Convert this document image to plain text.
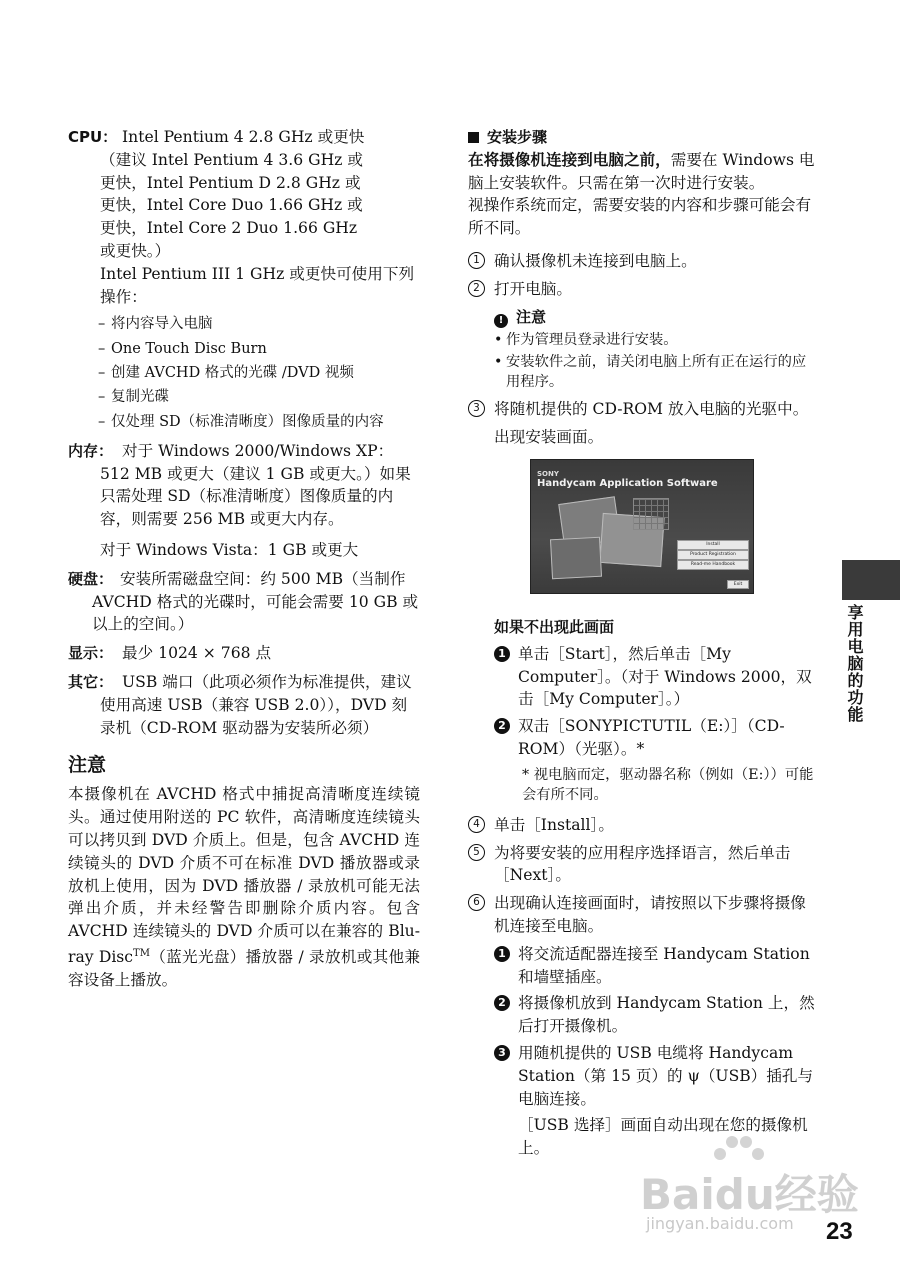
CPU： Intel Pentium 4 2.8 GHz 或更快
（建议 Intel Pentium 4 3.6 GHz 或
更快，Intel Pentium D 2.8 GHz 或
更快，Intel Core Duo 1.66 GHz 或
更快，Intel Core 2 Duo 1.66 GHz
或更快。）
Intel Pentium III 1 GHz 或更快可使用下列操作：
– 将内容导入电脑
– One Touch Disc Burn
– 创建 AVCHD 格式的光碟 /DVD 视频
– 复制光碟
– 仅处理 SD（标准清晰度）图像质量的内容
内存： 对于 Windows 2000/Windows XP：512 MB 或更大（建议 1 GB 或更大。）如果只需处理 SD（标准清晰度）图像质量的内容，则需要 256 MB 或更大内存。
对于 Windows Vista：1 GB 或更大
硬盘： 安装所需磁盘空间：约 500 MB（当制作 AVCHD 格式的光碟时，可能会需要 10 GB 或以上的空间。）
显示： 最少 1024 × 768 点
其它： USB 端口（此项必须作为标准提供，建议使用高速 USB（兼容 USB 2.0）），DVD 刻录机（CD-ROM 驱动器为安装所必须）
注意

本摄像机在 AVCHD 格式中捕捉高清晰度连续镜头。通过使用附送的 PC 软件，高清晰度连续镜头可以拷贝到 DVD 介质上。但是，包含 AVCHD 连续镜头的 DVD 介质不可在标准 DVD 播放器或录放机上使用，因为 DVD 播放器 / 录放机可能无法弹出介质，并未经警告即删除介质内容。包含 AVCHD 连续镜头的 DVD 介质可以在兼容的 Blu-ray Disc™（蓝光光盘）播放器 / 录放机或其他兼容设备上播放。

安装步骤

在将摄像机连接到电脑之前，需要在 Windows 电脑上安装软件。只需在第一次时进行安装。

视操作系统而定，需要安装的内容和步骤可能会有所不同。

1 确认摄像机未连接到电脑上。
2 打开电脑。
! 注意
• 作为管理员登录进行安装。
• 安装软件之前，请关闭电脑上所有正在运行的应用程序。
3 将随机提供的 CD-ROM 放入电脑的光驱中。
出现安装画面。
SONY
Handycam Application Software
Install
Product Registration
Read-me Handbook
Exit
如果不出现此画面
1 单击［Start］，然后单击［My Computer］。（对于 Windows 2000，双击［My Computer］。）
2 双击［SONYPICTUTIL（E:）］（CD-ROM）（光驱）。*
* 视电脑而定，驱动器名称（例如（E:））可能会有所不同。
4 单击［Install］。
5 为将要安装的应用程序选择语言，然后单击［Next］。
6 出现确认连接画面时，请按照以下步骤将摄像机连接至电脑。
1 将交流适配器连接至 Handycam Station 和墙壁插座。
2 将摄像机放到 Handycam Station 上，然后打开摄像机。
3 用随机提供的 USB 电缆将 Handycam Station（第 15 页）的 ψ（USB）插孔与电脑连接。
［USB 选择］画面自动出现在您的摄像机上。
享用电脑的功能
Baidu经验
jingyan.baidu.com 23
